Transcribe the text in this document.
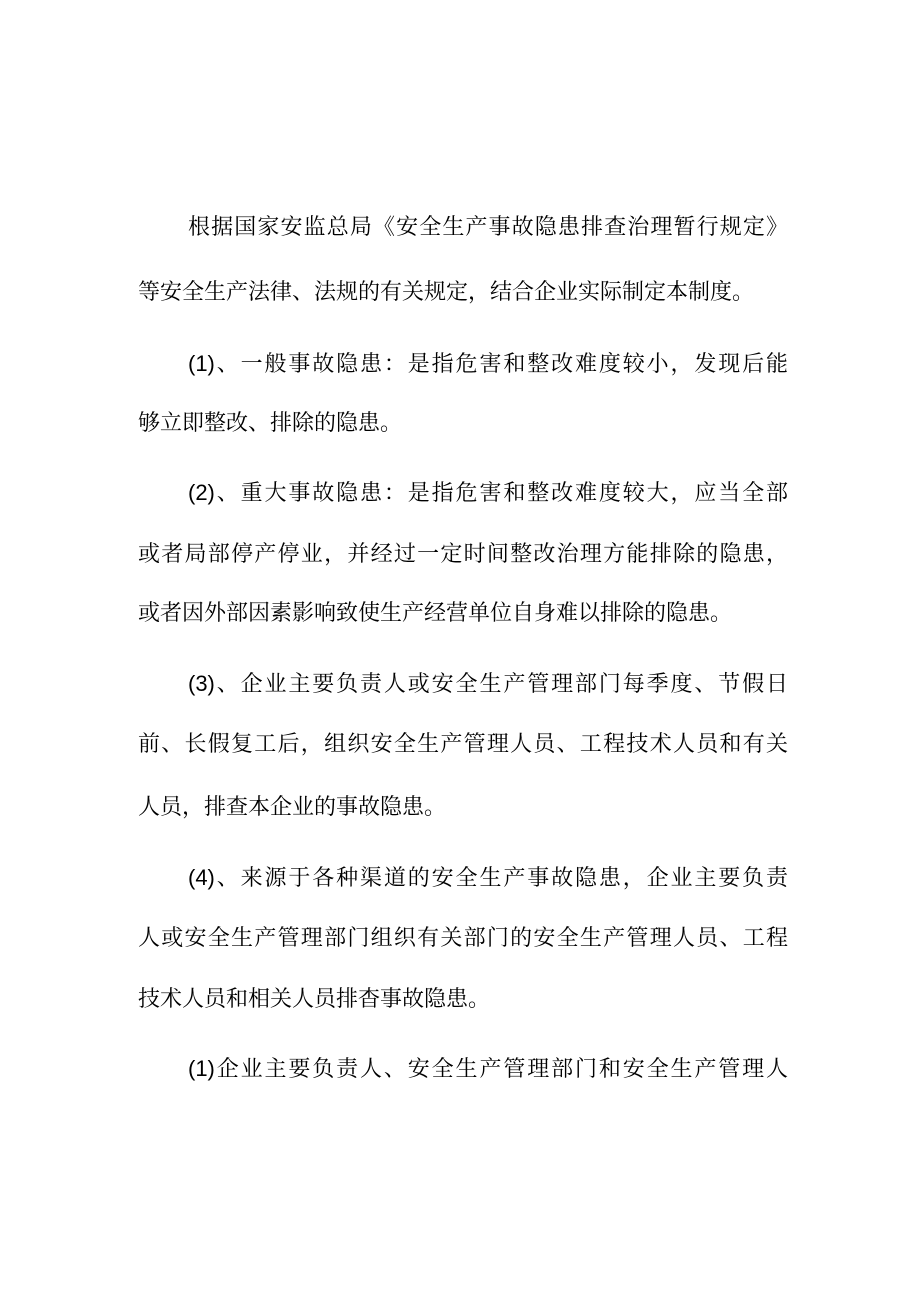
根据国家安监总局《安全生产事故隐患排查治理暂行规定》
等安全生产法律、法规的有关规定，结合企业实际制定本制度。
(1)、一般事故隐患：是指危害和整改难度较小，发现后能
够立即整改、排除的隐患。
(2)、重大事故隐患：是指危害和整改难度较大，应当全部
或者局部停产停业，并经过一定时间整改治理方能排除的隐患，
或者因外部因素影响致使生产经营单位自身难以排除的隐患。
(3)、企业主要负责人或安全生产管理部门每季度、节假日
前、长假复工后，组织安全生产管理人员、工程技术人员和有关
人员，排查本企业的事故隐患。
(4)、来源于各种渠道的安全生产事故隐患，企业主要负责
人或安全生产管理部门组织有关部门的安全生产管理人员、工程
技术人员和相关人员排杳事故隐患。
(1)企业主要负责人、安全生产管理部门和安全生产管理人
